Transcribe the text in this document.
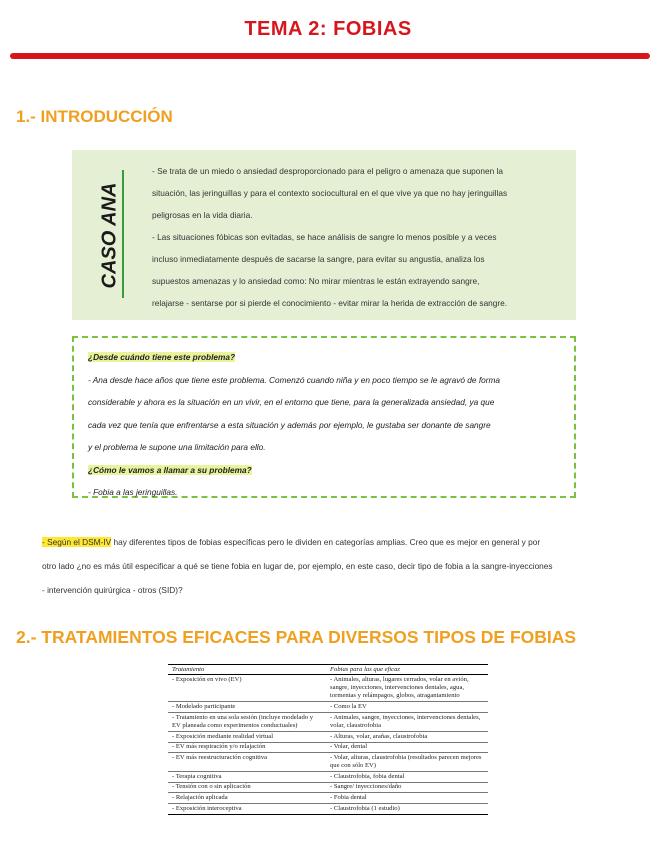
TEMA 2: FOBIAS
1.- INTRODUCCIÓN
CASO ANA

- Se trata de un miedo o ansiedad desproporcionado para el peligro o amenaza que suponen la

situación, las jeringuillas y para el contexto sociocultural en el que vive ya que no hay jeringuillas

peligrosas en la vida diaria.

- Las situaciones fóbicas son evitadas, se hace análisis de sangre lo menos posible y a veces

incluso inmediatamente después de sacarse la sangre, para evitar su angustia, analiza los

supuestos amenazas y lo ansiedad como: No mirar mientras le están extrayendo sangre,

relajarse - sentarse por si pierde el conocimiento - evitar mirar la herida de extracción de sangre.

¿Desde cuándo tiene este problema?

- Ana desde hace años que tiene este problema. Comenzó cuando niña y en poco tiempo se le agravó de forma

considerable y ahora es la situación en un vivir, en el entorno que tiene, para la generalizada ansiedad, ya que

cada vez que tenía que enfrentarse a esta situación y además por ejemplo, le gustaba ser donante de sangre

y el problema le supone una limitación para ello.

¿Cómo le vamos a llamar a su problema?

- Fobia a las jeringuillas.

- Según el DSM-IV hay diferentes tipos de fobias específicas pero le dividen en categorías amplias. Creo que es mejor en general y por

otro lado ¿no es más útil especificar a qué se tiene fobia en lugar de, por ejemplo, en este caso, decir tipo de fobia a la sangre-inyecciones

- intervención quirúrgica - otros (SID)?

2.- TRATAMIENTOS EFICACES PARA DIVERSOS TIPOS DE FOBIAS
Tratamiento	Fobias para las que eficaz
- Exposición en vivo (EV)	- Animales, alturas, lugares cerrados, volar en avión, sangre, inyecciones, intervenciones dentales, agua, tormentas y relámpagos, globos, atragantamiento
- Modelado participante	- Como la EV
- Tratamiento en una sola sesión (incluye modelado y EV planeada como experimentos conductuales)	- Animales, sangre, inyecciones, intervenciones dentales, volar, claustrofobia
- Exposición mediante realidad virtual	- Alturas, volar, arañas, claustrofobia
- EV más respiración y/o relajación	- Volar, dental
- EV más reestructuración cognitiva	- Volar, alturas, claustrofobia (resultados parecen mejores que con sólo EV)
- Terapia cognitiva	- Claustrofobia, fobia dental
- Tensión con o sin aplicación	- Sangre/ inyecciones/daño
- Relajación aplicada	- Fobia dental
- Exposición interoceptiva	- Claustrofobia (1 estudio)
